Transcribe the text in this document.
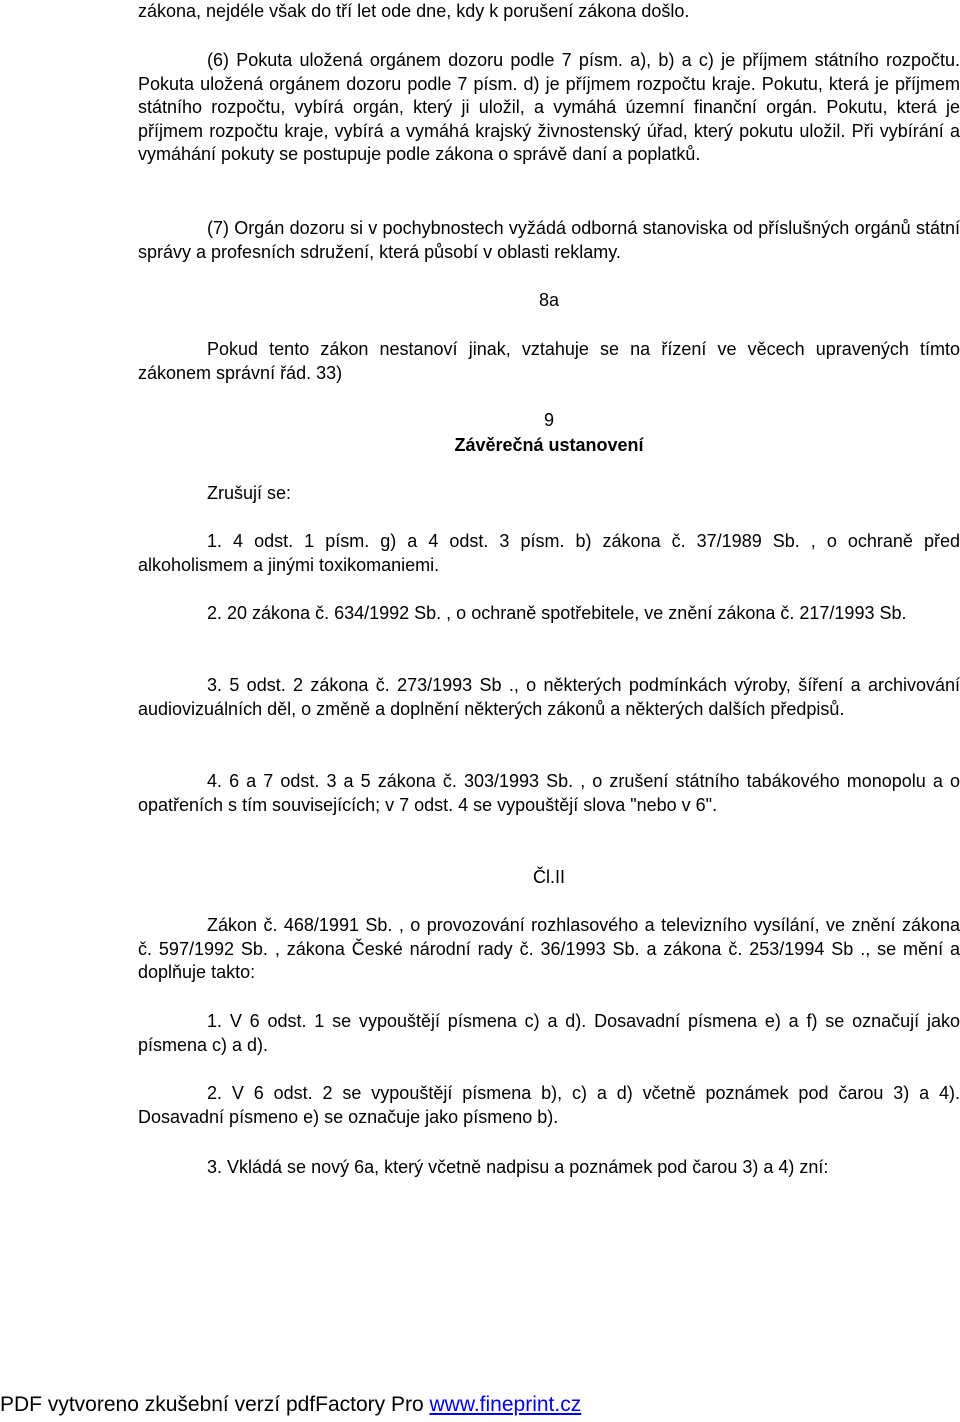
zákona, nejdéle však do tří let ode dne, kdy k porušení zákona došlo.

(6) Pokuta uložená orgánem dozoru podle 7 písm. a), b) a c) je příjmem státního rozpočtu. Pokuta uložená orgánem dozoru podle 7 písm. d) je příjmem rozpočtu kraje. Pokutu, která je příjmem státního rozpočtu, vybírá orgán, který ji uložil, a vymáhá územní finanční orgán. Pokutu, která je příjmem rozpočtu kraje, vybírá a vymáhá krajský živnostenský úřad, který pokutu uložil. Při vybírání a vymáhání pokuty se postupuje podle zákona o správě daní a poplatků.

(7) Orgán dozoru si v pochybnostech vyžádá odborná stanoviska od příslušných orgánů státní správy a profesních sdružení, která působí v oblasti reklamy.

8a

Pokud tento zákon nestanoví jinak, vztahuje se na řízení ve věcech upravených tímto zákonem správní řád. 33)

9

Závěrečná ustanovení

Zrušují se:

1. 4 odst. 1 písm. g) a 4 odst. 3 písm. b) zákona č. 37/1989 Sb. , o ochraně před alkoholismem a jinými toxikomaniemi.

2. 20 zákona č. 634/1992 Sb. , o ochraně spotřebitele, ve znění zákona č. 217/1993 Sb.

3. 5 odst. 2 zákona č. 273/1993 Sb ., o některých podmínkách výroby, šíření a archivování audiovizuálních děl, o změně a doplnění některých zákonů a některých dalších předpisů.

4. 6 a 7 odst. 3 a 5 zákona č. 303/1993 Sb. , o zrušení státního tabákového monopolu a o opatřeních s tím souvisejících; v 7 odst. 4 se vypouštějí slova "nebo v 6".

Čl.II

Zákon č. 468/1991 Sb. , o provozování rozhlasového a televizního vysílání, ve znění zákona č. 597/1992 Sb. , zákona České národní rady č. 36/1993 Sb. a zákona č. 253/1994 Sb ., se mění a doplňuje takto:

1. V 6 odst. 1 se vypouštějí písmena c) a d). Dosavadní písmena e) a f) se označují jako písmena c) a d).

2. V 6 odst. 2 se vypouštějí písmena b), c) a d) včetně poznámek pod čarou 3) a 4). Dosavadní písmeno e) se označuje jako písmeno b).

3. Vkládá se nový 6a, který včetně nadpisu a poznámek pod čarou 3) a 4) zní:

PDF vytvoreno zkušební verzí pdfFactory Pro www.fineprint.cz
